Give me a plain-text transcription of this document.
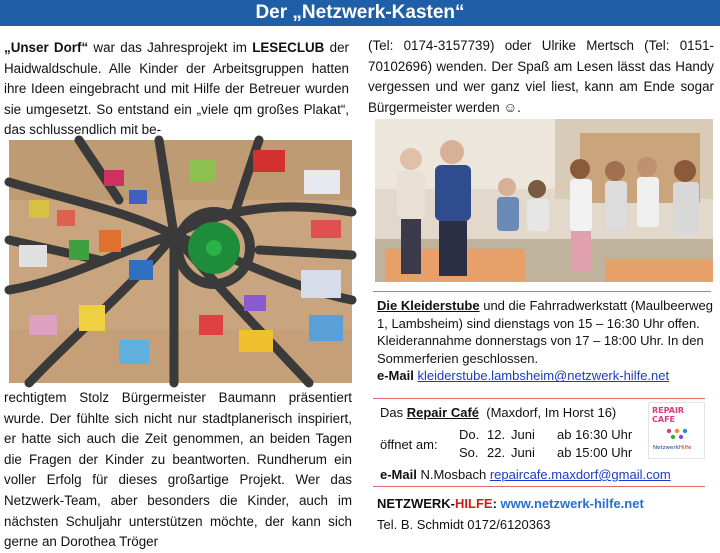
Der „Netzwerk-Kasten“
„Unser Dorf“ war das Jahresprojekt im LESECLUB der Haidwaldschule. Alle Kinder der Arbeitsgruppen hatten ihre Ideen eingebracht und mit Hilfe der Betreuer wurden sie umgesetzt. So entstand ein „viele qm großes Plakat“, das schlussendlich mit be-
rechtigtem Stolz Bürgermeister Baumann präsentiert wurde. Der fühlte sich nicht nur stadtplanerisch inspiriert, er hatte sich auch die Zeit genommen, an beiden Tagen die Fragen der Kinder zu beantworten. Rundherum ein voller Erfolg für dieses großartige Projekt. Wer das Netzwerk-Team, aber besonders die Kinder, auch im nächsten Schuljahr unterstützen möchte, der kann sich gerne an Dorothea Tröger
(Tel: 0174-3157739) oder Ulrike Mertsch (Tel: 0151-70102696) wenden. Der Spaß am Lesen lässt das Handy vergessen und wer ganz viel liest, kann am Ende sogar Bürgermeister werden ☺.
Die Kleiderstube und die Fahrradwerkstatt (Maulbeerweg 1, Lambsheim) sind dienstags von 15 – 16:30 Uhr offen. Kleiderannahme donnerstags von 17 – 18:00 Uhr. In den Sommerferien geschlossen.
e-Mail kleiderstube.lambsheim@netzwerk-hilfe.net
Das Repair Café (Maxdorf, Im Horst 16)
öffnet am:
Do. 12. Juni ab 16:30 Uhr
So. 22. Juni ab 15:00 Uhr
e-Mail N.Mosbach repaircafe.maxdorf@gmail.com
REPAIR
CAFE
NetzwerkHilfe
NETZWERK-HILFE: www.netzwerk-hilfe.net
Tel. B. Schmidt 0172/6120363
